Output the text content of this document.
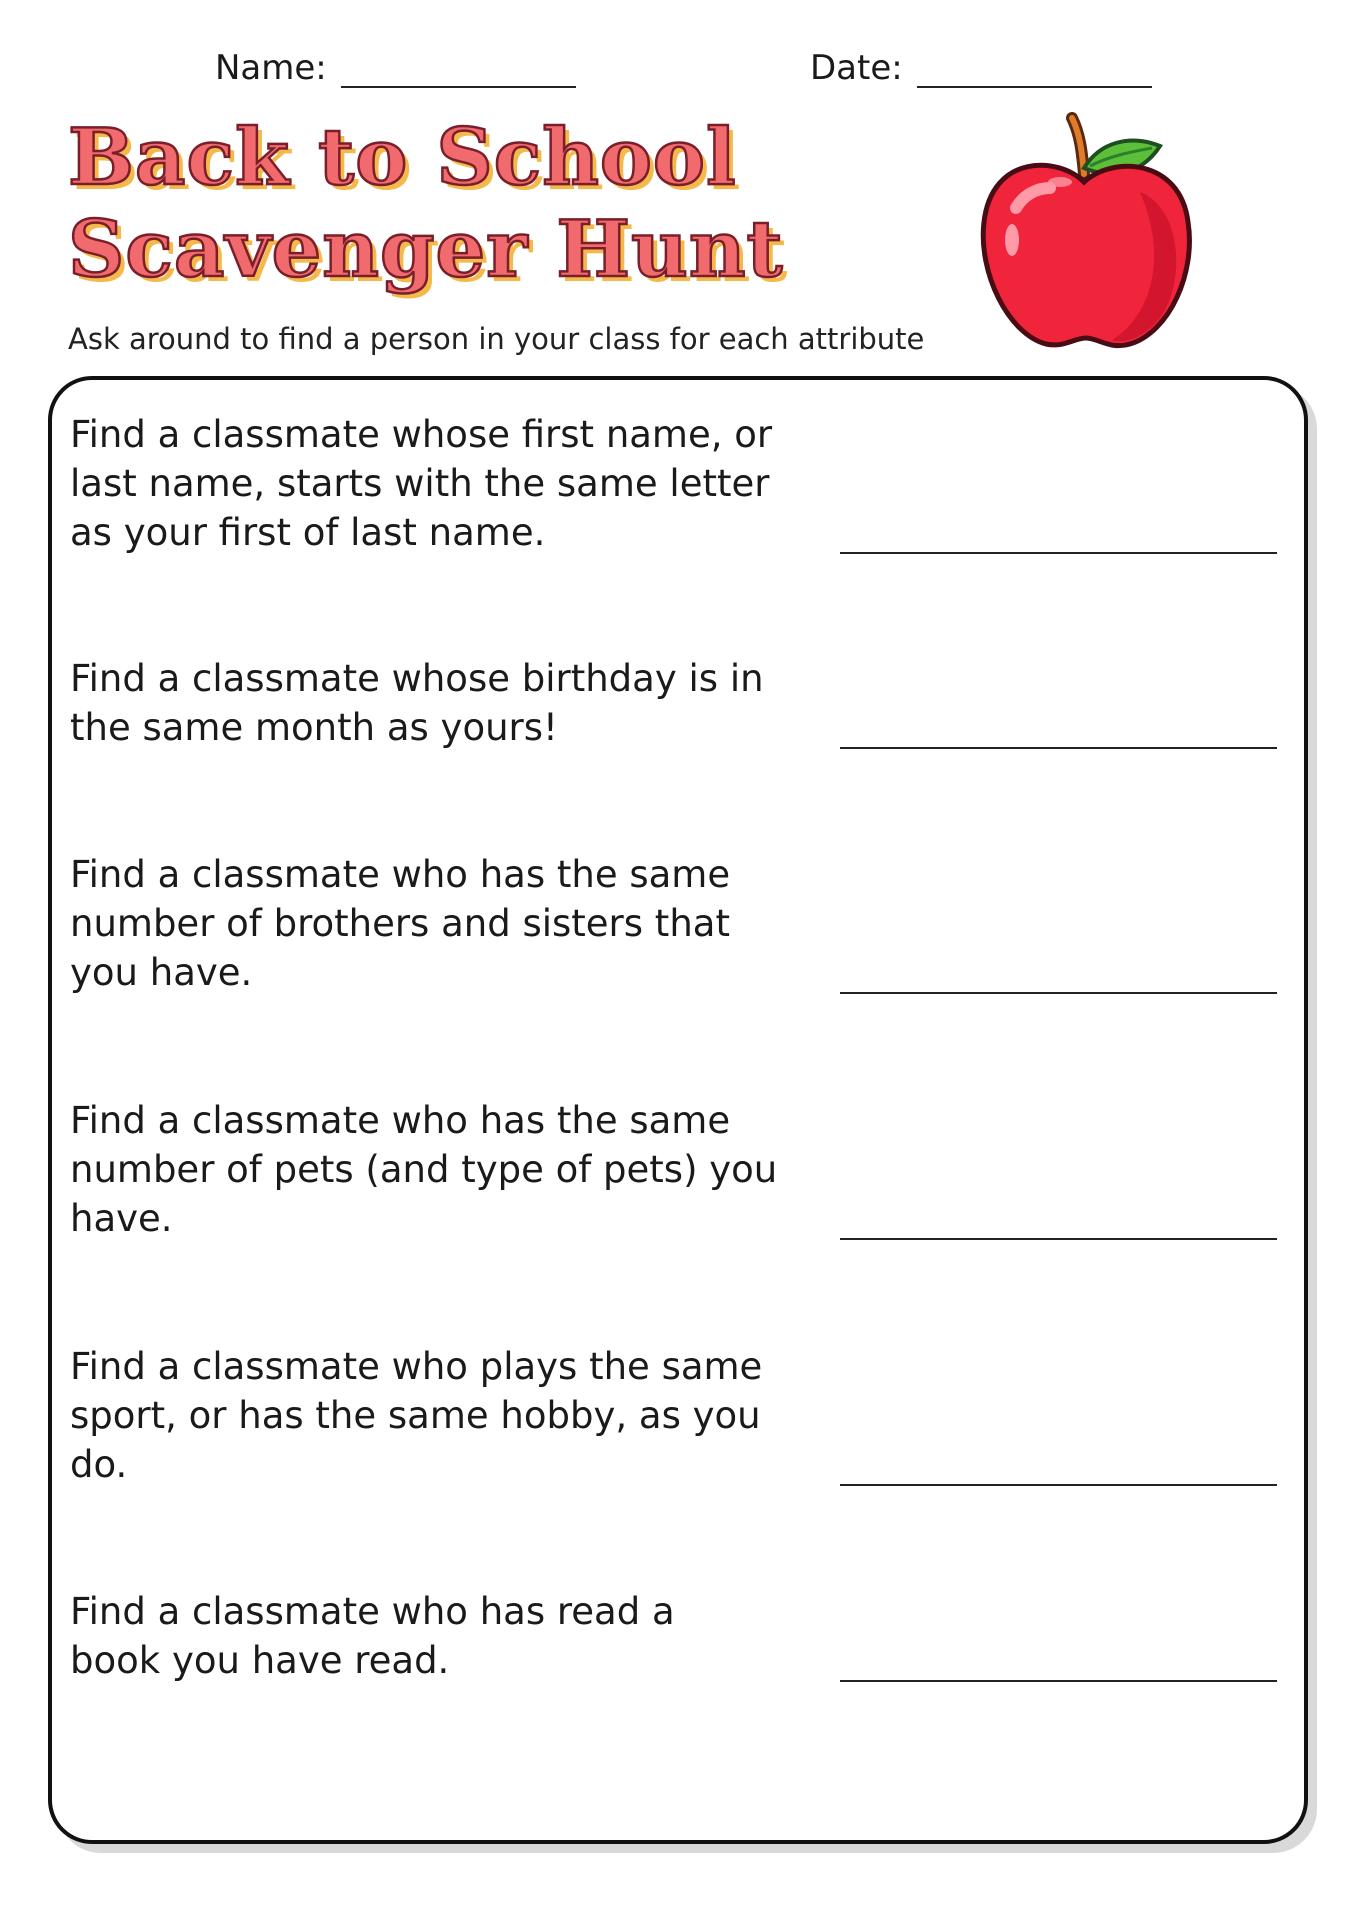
Name:	Date:
Back to School
Scavenger Hunt
Ask around to find a person in your class for each attribute
Find a classmate whose first name, or
last name, starts with the same letter
as your first of last name.
Find a classmate whose birthday is in
the same month as yours!
Find a classmate who has the same
number of brothers and sisters that
you have.
Find a classmate who has the same
number of pets (and type of pets) you
have.
Find a classmate who plays the same
sport, or has the same hobby, as you
do.
Find a classmate who has read a
book you have read.
